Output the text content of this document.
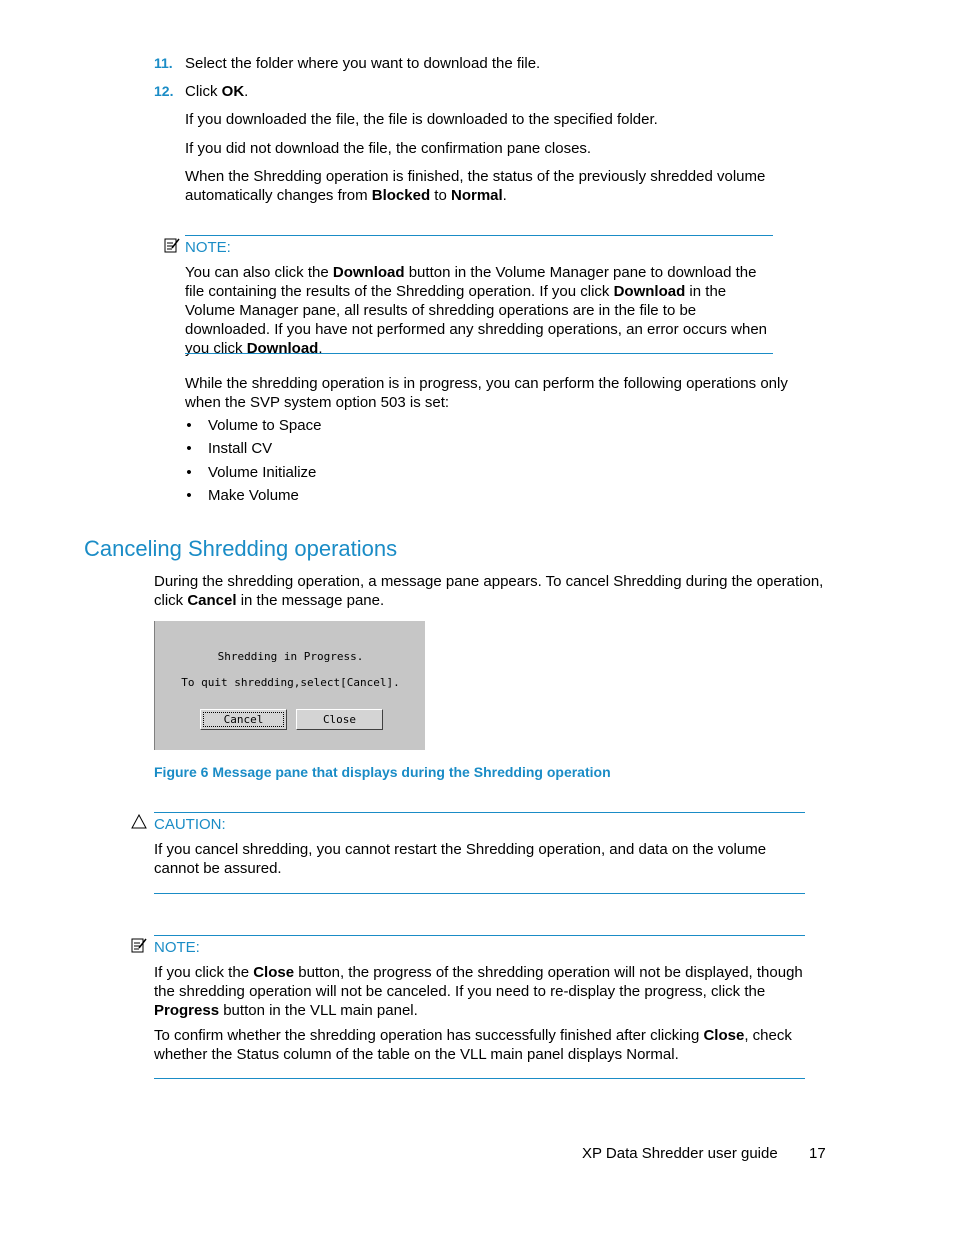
11. Select the folder where you want to download the file.
12. Click OK.
If you downloaded the file, the file is downloaded to the specified folder.
If you did not download the file, the confirmation pane closes.
When the Shredding operation is finished, the status of the previously shredded volume automatically changes from Blocked to Normal.
NOTE:
You can also click the Download button in the Volume Manager pane to download the file containing the results of the Shredding operation. If you click Download in the Volume Manager pane, all results of shredding operations are in the file to be downloaded. If you have not performed any shredding operations, an error occurs when you click Download.
While the shredding operation is in progress, you can perform the following operations only when the SVP system option 503 is set:
• Volume to Space
• Install CV
• Volume Initialize
• Make Volume
Canceling Shredding operations
During the shredding operation, a message pane appears. To cancel Shredding during the operation, click Cancel in the message pane.
Shredding in Progress.
To quit shredding,select[Cancel].
Cancel	Close
Figure 6 Message pane that displays during the Shredding operation
CAUTION:
If you cancel shredding, you cannot restart the Shredding operation, and data on the volume cannot be assured.
NOTE:
If you click the Close button, the progress of the shredding operation will not be displayed, though the shredding operation will not be canceled. If you need to re-display the progress, click the Progress button in the VLL main panel.
To confirm whether the shredding operation has successfully finished after clicking Close, check whether the Status column of the table on the VLL main panel displays Normal.
XP Data Shredder user guide 17
